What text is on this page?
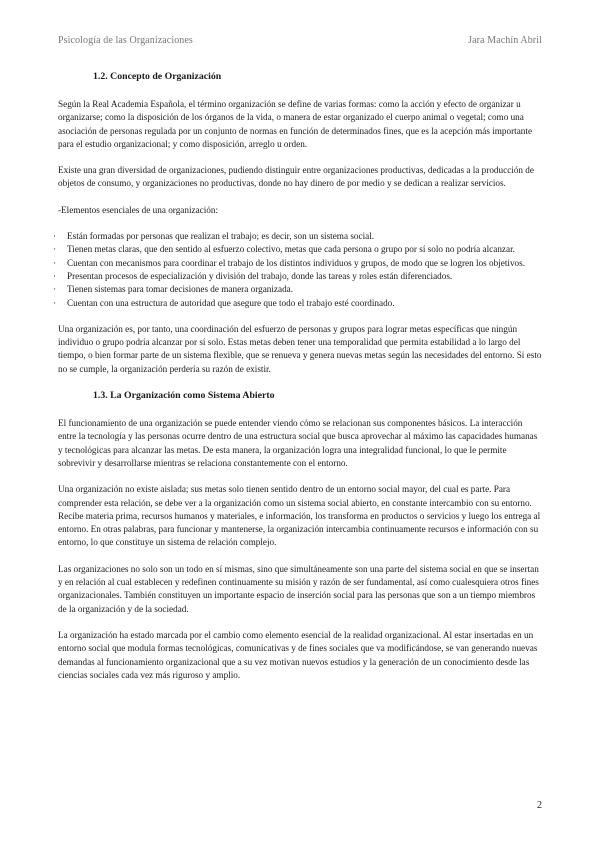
Psicología de las Organizaciones	Jara Machín Abril
1.2. Concepto de Organización

Según la Real Academia Española, el término organización se define de varias formas: como la acción y efecto de organizar u organizarse; como la disposición de los órganos de la vida, o manera de estar organizado el cuerpo animal o vegetal; como una asociación de personas regulada por un conjunto de normas en función de determinados fines, que es la acepción más importante para el estudio organizacional; y como disposición, arreglo u orden.

Existe una gran diversidad de organizaciones, pudiendo distinguir entre organizaciones productivas, dedicadas a la producción de objetos de consumo, y organizaciones no productivas, donde no hay dinero de por medio y se dedican a realizar servicios.

-Elementos esenciales de una organización:

· Están formadas por personas que realizan el trabajo; es decir, son un sistema social.
· Tienen metas claras, que den sentido al esfuerzo colectivo, metas que cada persona o grupo por sí solo no podría alcanzar.
· Cuentan con mecanismos para coordinar el trabajo de los distintos individuos y grupos, de modo que se logren los objetivos.
· Presentan procesos de especialización y división del trabajo, donde las tareas y roles están diferenciados.
· Tienen sistemas para tomar decisiones de manera organizada.
· Cuentan con una estructura de autoridad que asegure que todo el trabajo esté coordinado.

Una organización es, por tanto, una coordinación del esfuerzo de personas y grupos para lograr metas específicas que ningún individuo o grupo podría alcanzar por sí solo. Estas metas deben tener una temporalidad que permita estabilidad a lo largo del tiempo, o bien formar parte de un sistema flexible, que se renueva y genera nuevas metas según las necesidades del entorno. Si esto no se cumple, la organización perdería su razón de existir.

1.3. La Organización como Sistema Abierto

El funcionamiento de una organización se puede entender viendo cómo se relacionan sus componentes básicos. La interacción entre la tecnología y las personas ocurre dentro de una estructura social que busca aprovechar al máximo las capacidades humanas y tecnológicas para alcanzar las metas. De esta manera, la organización logra una integralidad funcional, lo que le permite sobrevivir y desarrollarse mientras se relaciona constantemente con el entorno.

Una organización no existe aislada; sus metas solo tienen sentido dentro de un entorno social mayor, del cual es parte. Para comprender esta relación, se debe ver a la organización como un sistema social abierto, en constante intercambio con su entorno. Recibe materia prima, recursos humanos y materiales, e información, los transforma en productos o servicios y luego los entrega al entorno. En otras palabras, para funcionar y mantenerse, la organización intercambia continuamente recursos e información con su entorno, lo que constituye un sistema de relación complejo.

Las organizaciones no solo son un todo en sí mismas, sino que simultáneamente son una parte del sistema social en que se insertan y en relación al cual establecen y redefinen continuamente su misión y razón de ser fundamental, así como cualesquiera otros fines organizacionales. También constituyen un importante espacio de inserción social para las personas que son a un tiempo miembros de la organización y de la sociedad.

La organización ha estado marcada por el cambio como elemento esencial de la realidad organizacional. Al estar insertadas en un entorno social que modula formas tecnológicas, comunicativas y de fines sociales que va modificándose, se van generando nuevas demandas al funcionamiento organizacional que a su vez motivan nuevos estudios y la generación de un conocimiento desde las ciencias sociales cada vez más riguroso y amplio.

2
